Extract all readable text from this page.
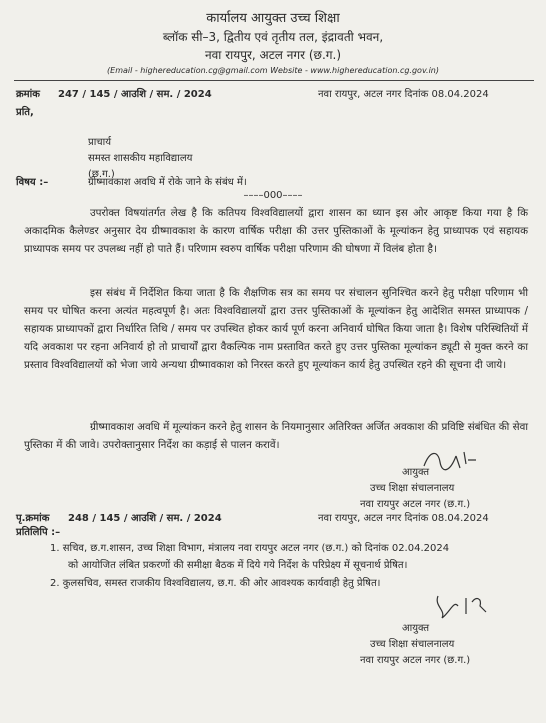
कार्यालय आयुक्त उच्च शिक्षा
ब्लॉक सी–3, द्वितीय एवं तृतीय तल, इंद्रावती भवन,
नवा रायपुर, अटल नगर (छ.ग.)
(Email - highereducation.cg@gmail.com Website - www.highereducation.cg.gov.in)
क्रमांक 247 / 145 / आउशि / सम. / 2024	नवा रायपुर, अटल नगर दिनांक 08.04.2024
प्रति,
प्राचार्य
समस्त शासकीय महाविद्यालय
(छ.ग.)
विषय :–	ग्रीष्मावकाश अवधि में रोके जाने के संबंध में।
––––000––––
उपरोक्त विषयांतर्गत लेख है कि कतिपय विश्वविद्यालयों द्वारा शासन का ध्यान इस ओर आकृष्ट किया गया है कि अकादमिक कैलेण्डर अनुसार देय ग्रीष्मावकाश के कारण वार्षिक परीक्षा की उत्तर पुस्तिकाओं के मूल्यांकन हेतु प्राध्यापक एवं सहायक प्राध्यापक समय पर उपलब्ध नहीं हो पाते हैं। परिणाम स्वरुप वार्षिक परीक्षा परिणाम की घोषणा में विलंब होता है।
इस संबंध में निर्देशित किया जाता है कि शैक्षणिक सत्र का समय पर संचालन सुनिश्चित करने हेतु परीक्षा परिणाम भी समय पर घोषित करना अत्यंत महत्वपूर्ण है। अतः विश्वविद्यालयों द्वारा उत्तर पुस्तिकाओं के मूल्यांकन हेतु आदेशित समस्त प्राध्यापक / सहायक प्राध्यापकों द्वारा निर्धारित तिथि / समय पर उपस्थित होकर कार्य पूर्ण करना अनिवार्य घोषित किया जाता है। विशेष परिस्थितियों में यदि अवकाश पर रहना अनिवार्य हो तो प्राचार्यों द्वारा वैकल्पिक नाम प्रस्तावित करते हुए उत्तर पुस्तिका मूल्यांकन ड्यूटी से मुक्त करने का प्रस्ताव विश्वविद्यालयों को भेजा जाये अन्यथा ग्रीष्मावकाश को निरस्त करते हुए मूल्यांकन कार्य हेतु उपस्थित रहने की सूचना दी जाये।
ग्रीष्मावकाश अवधि में मूल्यांकन करने हेतु शासन के नियमानुसार अतिरिक्त अर्जित अवकाश की प्रविष्टि संबंधित की सेवा पुस्तिका में की जावे। उपरोक्तानुसार निर्देश का कड़ाई से पालन करावें।
आयुक्त
उच्च शिक्षा संचालनालय
नवा रायपुर अटल नगर (छ.ग.)
पृ.क्रमांक 248 / 145 / आउशि / सम. / 2024	नवा रायपुर, अटल नगर दिनांक 08.04.2024
प्रतिलिपि :–
1. सचिव, छ.ग.शासन, उच्च शिक्षा विभाग, मंत्रालय नवा रायपुर अटल नगर (छ.ग.) को दिनांक 02.04.2024
को आयोजित लंबित प्रकरणों की समीक्षा बैठक में दिये गये निर्देश के परिप्रेक्ष्य में सूचनार्थ प्रेषित।
2. कुलसचिव, समस्त राजकीय विश्वविद्यालय, छ.ग. की ओर आवश्यक कार्यवाही हेतु प्रेषित।
आयुक्त
उच्च शिक्षा संचालनालय
नवा रायपुर अटल नगर (छ.ग.)
